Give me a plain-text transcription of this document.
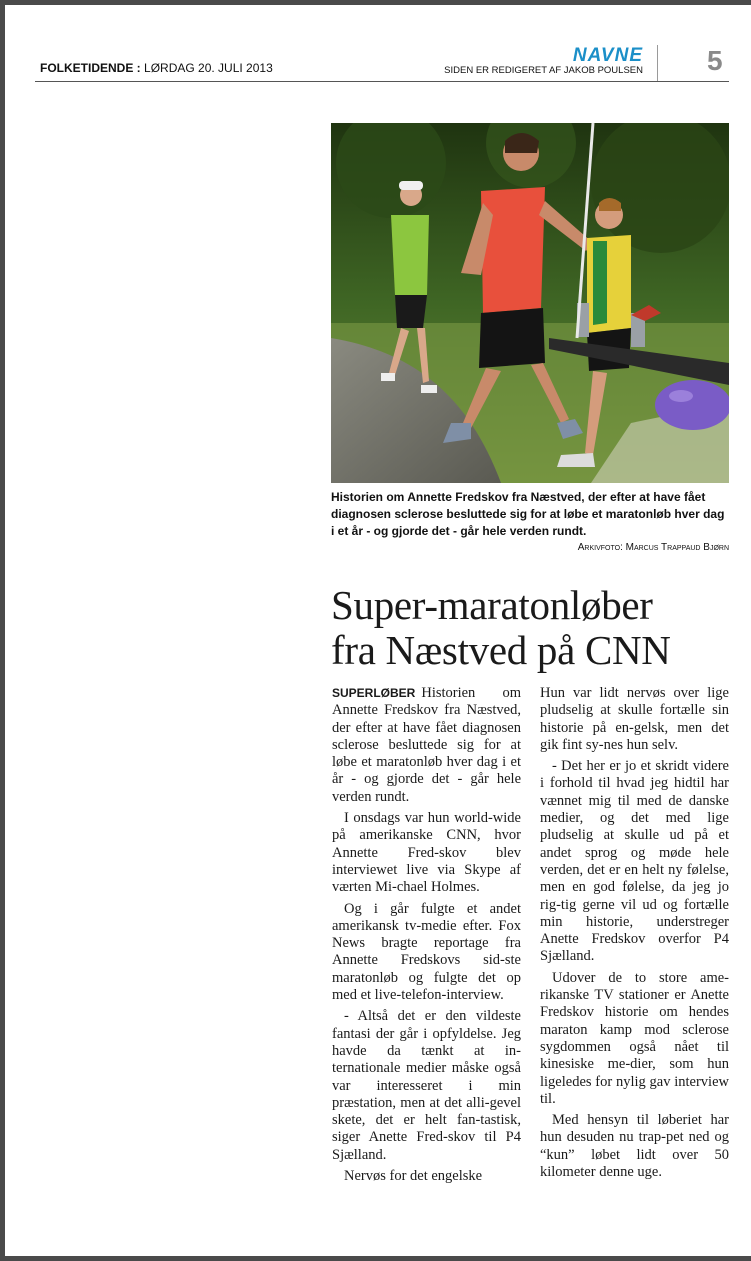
FOLKETIDENDE : LØRDAG 20. JULI 2013
NAVNE
SIDEN ER REDIGERET AF JAKOB POULSEN 5
Historien om Annette Fredskov fra Næstved, der efter at have fået diagnosen sclerose besluttede sig for at løbe et maratonløb hver dag i et år - og gjorde det - går hele verden rundt.
Arkivfoto: Marcus Trappaud Bjørn
Super-maratonløber
fra Næstved på CNN

SUPERLØBER Historien om Annette Fredskov fra Næstved, der efter at have fået diagnosen sclerose besluttede sig for at løbe et maratonløb hver dag i et år - og gjorde det - går hele verden rundt.

I onsdags var hun world-wide på amerikanske CNN, hvor Annette Fred-skov blev interviewet live via Skype af værten Mi-chael Holmes.

Og i går fulgte et andet amerikansk tv-medie efter. Fox News bragte reportage fra Annette Fredskovs sid-ste maratonløb og fulgte det op med et live-telefon-interview.

- Altså det er den vildeste fantasi der går i opfyldelse. Jeg havde da tænkt at in-ternationale medier måske også var interesseret i min præstation, men at det alli-gevel skete, det er helt fan-tastisk, siger Anette Fred-skov til P4 Sjælland.

Nervøs for det engelske

Hun var lidt nervøs over lige pludselig at skulle fortælle sin historie på en-gelsk, men det gik fint sy-nes hun selv.

- Det her er jo et skridt videre i forhold til hvad jeg hidtil har vænnet mig til med de danske medier, og det med lige pludselig at skulle ud på et andet sprog og møde hele verden, det er en helt ny følelse, men en god følelse, da jeg jo rig-tig gerne vil ud og fortælle min historie, understreger Anette Fredskov overfor P4 Sjælland.

Udover de to store ame-rikanske TV stationer er Anette Fredskov historie om hendes maraton kamp mod sclerose sygdommen også nået til kinesiske me-dier, som hun ligeledes for nylig gav interview til.

Med hensyn til løberiet har hun desuden nu trap-pet ned og “kun” løbet lidt over 50 kilometer denne uge.
